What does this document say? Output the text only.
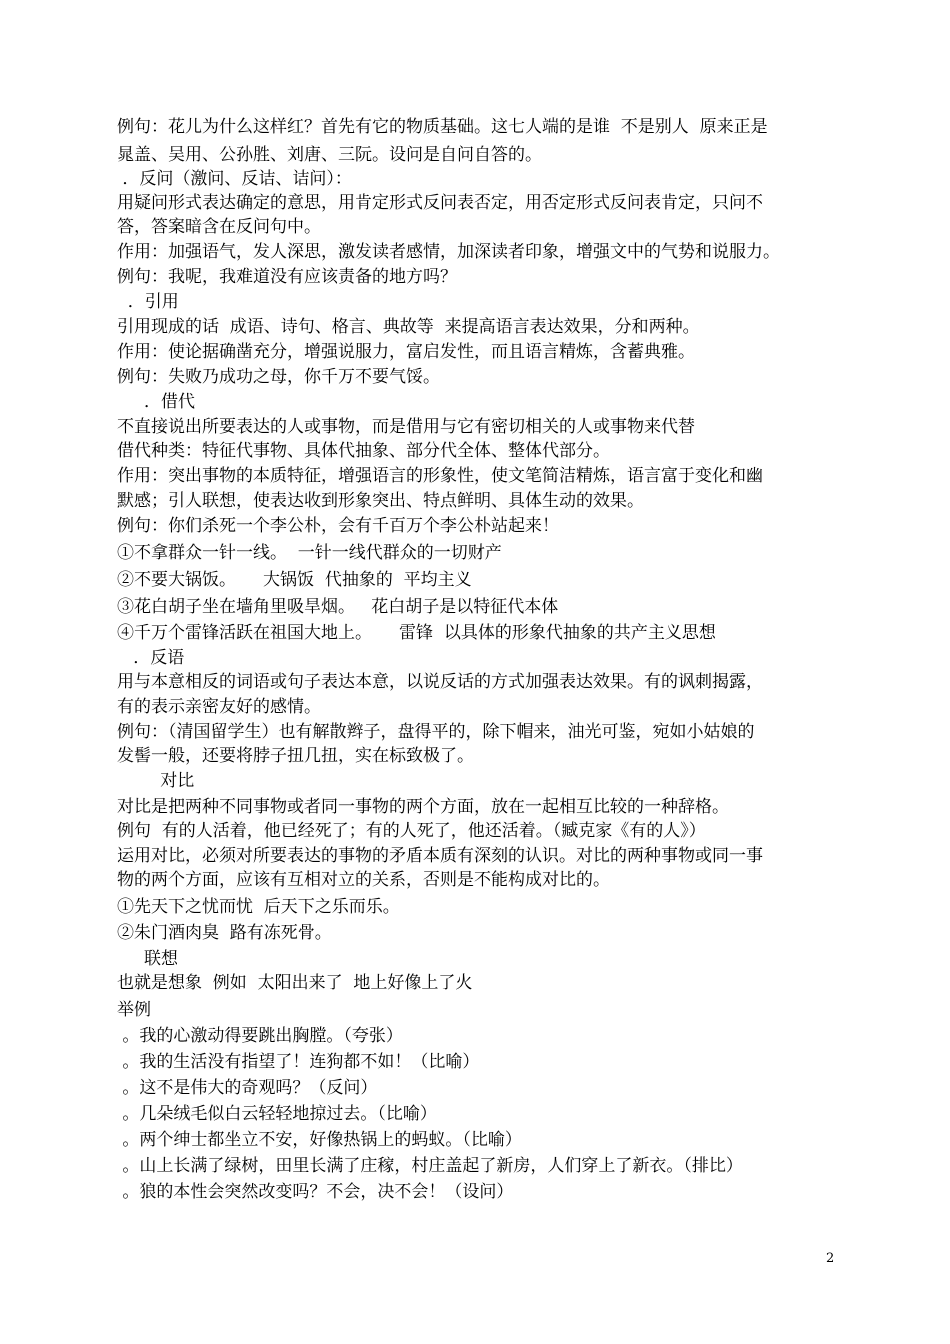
例句：花儿为什么这样红？首先有它的物质基础。这七人端的是谁  不是别人  原来正是
晁盖、吴用、公孙胜、刘唐、三阮。设问是自问自答的。
．反问（激问、反诘、诘问）：
用疑问形式表达确定的意思，用肯定形式反问表否定，用否定形式反问表肯定，只问不
答，答案暗含在反问句中。
作用：加强语气，发人深思，激发读者感情，加深读者印象，增强文中的气势和说服力。
例句：我呢，我难道没有应该责备的地方吗？
．引用
引用现成的话  成语、诗句、格言、典故等  来提高语言表达效果，分和两种。
作用：使论据确凿充分，增强说服力，富启发性，而且语言精炼，含蓄典雅。
例句：失败乃成功之母，你千万不要气馁。
．借代
不直接说出所要表达的人或事物，而是借用与它有密切相关的人或事物来代替
借代种类：特征代事物、具体代抽象、部分代全体、整体代部分。
作用：突出事物的本质特征，增强语言的形象性，使文笔简洁精炼，语言富于变化和幽
默感；引人联想，使表达收到形象突出、特点鲜明、具体生动的效果。
例句：你们杀死一个李公朴，会有千百万个李公朴站起来！
①不拿群众一针一线。  一针一线代群众的一切财产
②不要大锅饭。     大锅饭  代抽象的  平均主义
③花白胡子坐在墙角里吸旱烟。   花白胡子是以特征代本体
④千万个雷锋活跃在祖国大地上。     雷锋  以具体的形象代抽象的共产主义思想
．反语
用与本意相反的词语或句子表达本意，以说反话的方式加强表达效果。有的讽刺揭露，
有的表示亲密友好的感情。
例句：（清国留学生）也有解散辫子，盘得平的，除下帽来，油光可鉴，宛如小姑娘的
发髻一般，还要将脖子扭几扭，实在标致极了。
对比
对比是把两种不同事物或者同一事物的两个方面，放在一起相互比较的一种辞格。
例句  有的人活着，他已经死了；有的人死了，他还活着。（臧克家《有的人》）
运用对比，必须对所要表达的事物的矛盾本质有深刻的认识。对比的两种事物或同一事
物的两个方面，应该有互相对立的关系，否则是不能构成对比的。
①先天下之忧而忧  后天下之乐而乐。
②朱门酒肉臭  路有冻死骨。
联想
也就是想象  例如  太阳出来了  地上好像上了火
举例
。我的心激动得要跳出胸膛。（夸张）
。我的生活没有指望了！连狗都不如！（比喻）
。这不是伟大的奇观吗？（反问）
。几朵绒毛似白云轻轻地掠过去。（比喻）
。两个绅士都坐立不安，好像热锅上的蚂蚁。（比喻）
。山上长满了绿树，田里长满了庄稼，村庄盖起了新房，人们穿上了新衣。（排比）
。狼的本性会突然改变吗？不会，决不会！（设问）
2
